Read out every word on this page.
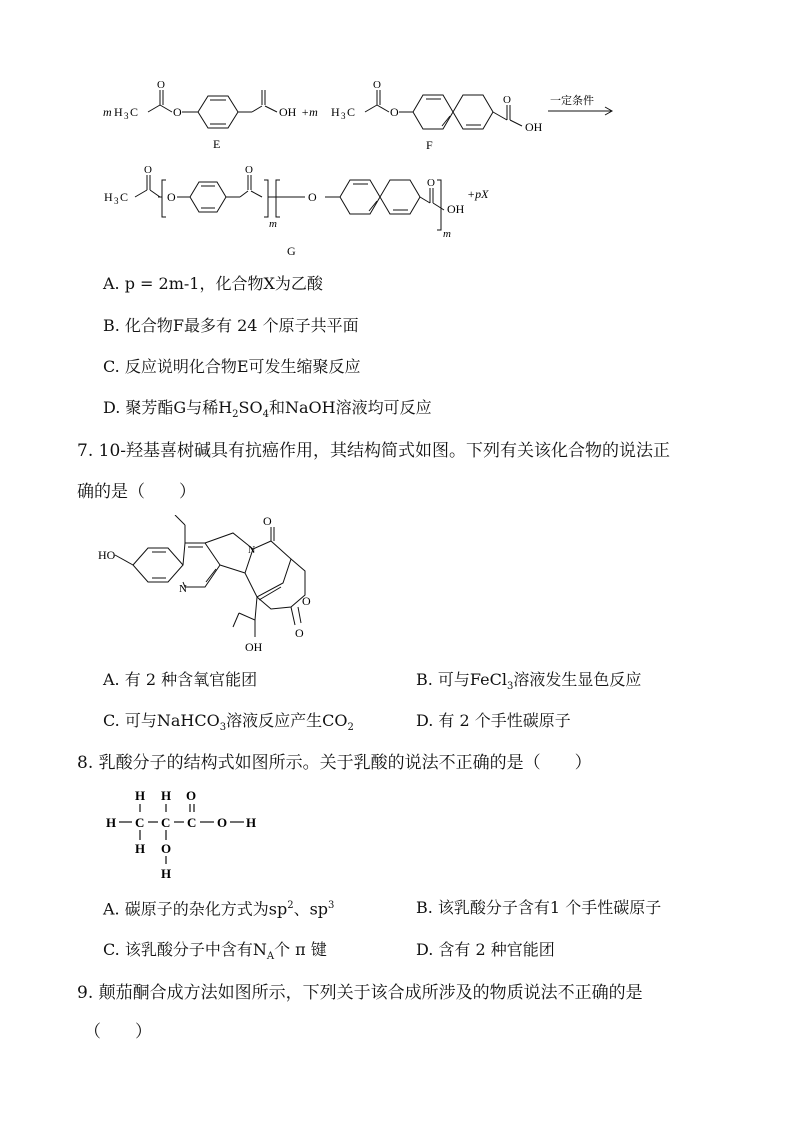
m H 3 C
O
O	OH +m
E
H 3 C
O
O
OH
O
F
一定条件
H 3 C
O
O
O
O
O
OH
m
m
+pX
G
A. p = 2m-1，化合物X为乙酸
B. 化合物F最多有 24 个原子共平面
C. 反应说明化合物E可发生缩聚反应
D. 聚芳酯G与稀$H_2SO_4$和NaOH溶液均可反应
7. 10-羟基喜树碱具有抗癌作用，其结构简式如图。下列有关该化合物的说法正
确的是（　　）
HO
N
N
O
O
O
OH
A. 有 2 种含氧官能团	B. 可与FeCl$_3$溶液发生显色反应
C. 可与NaHCO$_3$溶液反应产生$CO_2$	D. 有 2 个手性碳原子
8. 乳酸分子的结构式如图所示。关于乳酸的说法不正确的是（　　）
H H O
H C C C O H
H O
H
A. 碳原子的杂化方式为$sp^2$、$sp^3$	B. 该乳酸分子含有1 个手性碳原子
C. 该乳酸分子中含有$N_A$个 π 键	D. 含有 2 种官能团
9. 颠茄酮合成方法如图所示，下列关于该合成所涉及的物质说法不正确的是
（　　）
